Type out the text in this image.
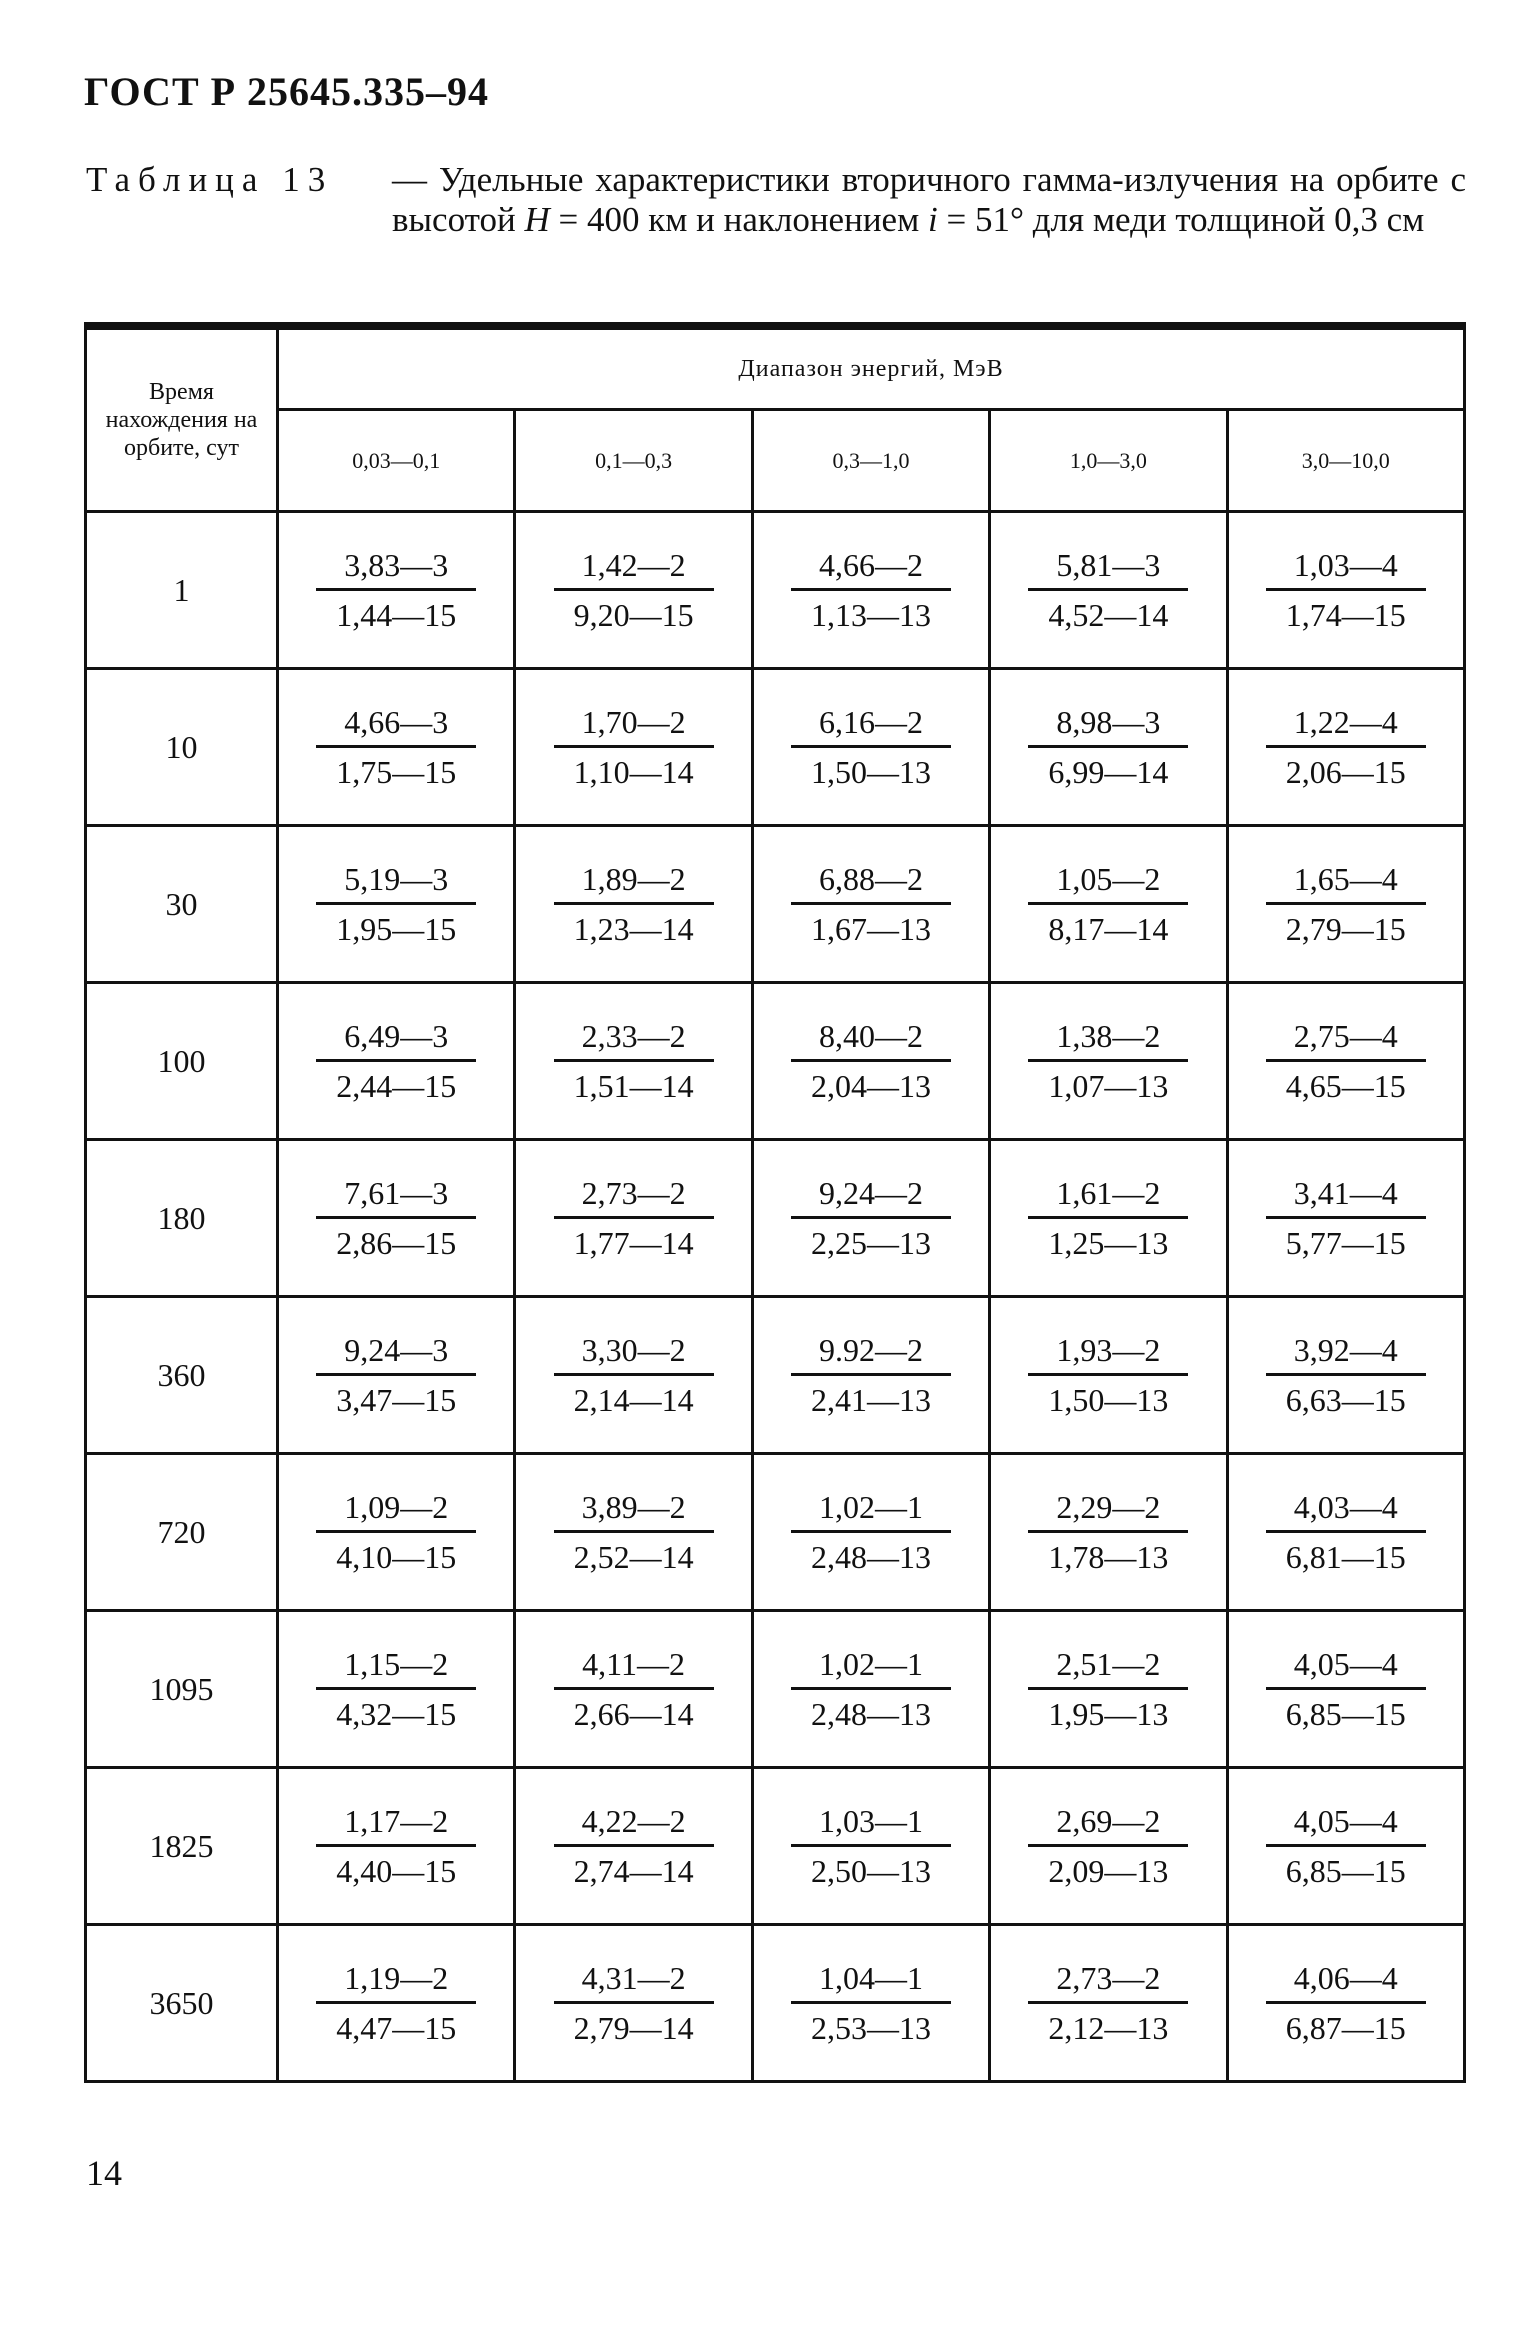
ГОСТ Р 25645.335–94
Таблица 13 — Удельные характеристики вторичного гамма-излучения на орбите с высотой H = 400 км и наклонением i = 51° для меди толщиной 0,3 см
Время нахождения на орбите, сут	Диапазон энергий, МэВ				
	0,03—0,1	0,1—0,3	0,3—1,0	1,0—3,0	3,0—10,0
1	$\frac{3,83—3}{1,44—15}$	$\frac{1,42—2}{9,20—15}$	$\frac{4,66—2}{1,13—13}$	$\frac{5,81—3}{4,52—14}$	$\frac{1,03—4}{1,74—15}$

10	$\frac{4,66—3}{1,75—15}$	$\frac{1,70—2}{1,10—14}$	$\frac{6,16—2}{1,50—13}$	$\frac{8,98—3}{6,99—14}$	$\frac{1,22—4}{2,06—15}$

30	$\frac{5,19—3}{1,95—15}$	$\frac{1,89—2}{1,23—14}$	$\frac{6,88—2}{1,67—13}$	$\frac{1,05—2}{8,17—14}$	$\frac{1,65—4}{2,79—15}$

100	$\frac{6,49—3}{2,44—15}$	$\frac{2,33—2}{1,51—14}$	$\frac{8,40—2}{2,04—13}$	$\frac{1,38—2}{1,07—13}$	$\frac{2,75—4}{4,65—15}$

180	$\frac{7,61—3}{2,86—15}$	$\frac{2,73—2}{1,77—14}$	$\frac{9,24—2}{2,25—13}$	$\frac{1,61—2}{1,25—13}$	$\frac{3,41—4}{5,77—15}$

360	$\frac{9,24—3}{3,47—15}$	$\frac{3,30—2}{2,14—14}$	$\frac{9.92—2}{2,41—13}$	$\frac{1,93—2}{1,50—13}$	$\frac{3,92—4}{6,63—15}$

720	$\frac{1,09—2}{4,10—15}$	$\frac{3,89—2}{2,52—14}$	$\frac{1,02—1}{2,48—13}$	$\frac{2,29—2}{1,78—13}$	$\frac{4,03—4}{6,81—15}$

1095	$\frac{1,15—2}{4,32—15}$	$\frac{4,11—2}{2,66—14}$	$\frac{1,02—1}{2,48—13}$	$\frac{2,51—2}{1,95—13}$	$\frac{4,05—4}{6,85—15}$

1825	$\frac{1,17—2}{4,40—15}$	$\frac{4,22—2}{2,74—14}$	$\frac{1,03—1}{2,50—13}$	$\frac{2,69—2}{2,09—13}$	$\frac{4,05—4}{6,85—15}$

3650	$\frac{1,19—2}{4,47—15}$	$\frac{4,31—2}{2,79—14}$	$\frac{1,04—1}{2,53—13}$	$\frac{2,73—2}{2,12—13}$	$\frac{4,06—4}{6,87—15}$
14
